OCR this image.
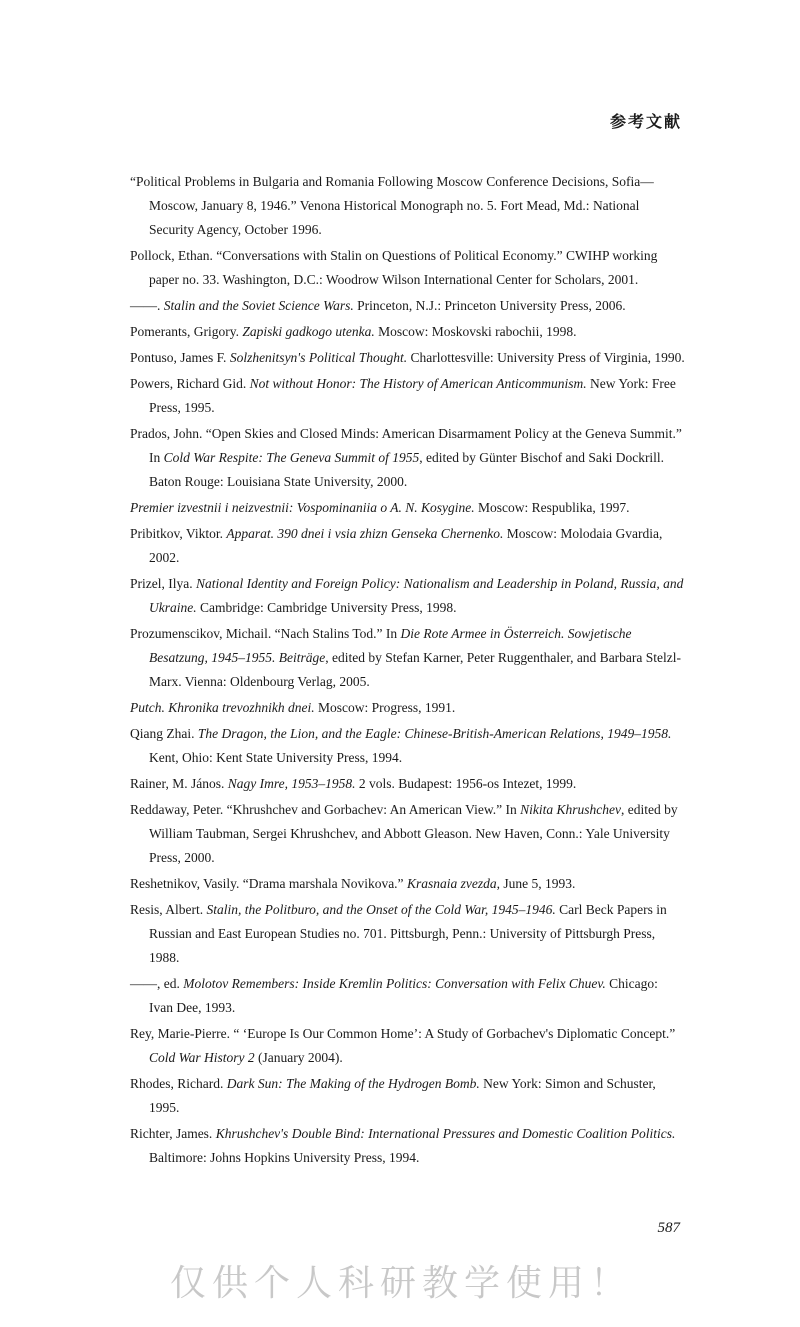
参考文献

“Political Problems in Bulgaria and Romania Following Moscow Conference Decisions, Sofia—Moscow, January 8, 1946.” Venona Historical Monograph no. 5. Fort Mead, Md.: National Security Agency, October 1996.

Pollock, Ethan. “Conversations with Stalin on Questions of Political Economy.” CWIHP working paper no. 33. Washington, D.C.: Woodrow Wilson International Center for Scholars, 2001.

——. Stalin and the Soviet Science Wars. Princeton, N.J.: Princeton University Press, 2006.

Pomerants, Grigory. Zapiski gadkogo utenka. Moscow: Moskovski rabochii, 1998.

Pontuso, James F. Solzhenitsyn's Political Thought. Charlottesville: University Press of Virginia, 1990.

Powers, Richard Gid. Not without Honor: The History of American Anticommunism. New York: Free Press, 1995.

Prados, John. “Open Skies and Closed Minds: American Disarmament Policy at the Geneva Summit.” In Cold War Respite: The Geneva Summit of 1955, edited by Günter Bischof and Saki Dockrill. Baton Rouge: Louisiana State University, 2000.

Premier izvestnii i neizvestnii: Vospominaniia o A. N. Kosygine. Moscow: Respublika, 1997.

Pribitkov, Viktor. Apparat. 390 dnei i vsia zhizn Genseka Chernenko. Moscow: Molodaia Gvardia, 2002.

Prizel, Ilya. National Identity and Foreign Policy: Nationalism and Leadership in Poland, Russia, and Ukraine. Cambridge: Cambridge University Press, 1998.

Prozumenscikov, Michail. “Nach Stalins Tod.” In Die Rote Armee in Österreich. Sowjetische Besatzung, 1945–1955. Beiträge, edited by Stefan Karner, Peter Ruggenthaler, and Barbara Stelzl-Marx. Vienna: Oldenbourg Verlag, 2005.

Putch. Khronika trevozhnikh dnei. Moscow: Progress, 1991.

Qiang Zhai. The Dragon, the Lion, and the Eagle: Chinese-British-American Relations, 1949–1958. Kent, Ohio: Kent State University Press, 1994.

Rainer, M. János. Nagy Imre, 1953–1958. 2 vols. Budapest: 1956-os Intezet, 1999.

Reddaway, Peter. “Khrushchev and Gorbachev: An American View.” In Nikita Khrushchev, edited by William Taubman, Sergei Khrushchev, and Abbott Gleason. New Haven, Conn.: Yale University Press, 2000.

Reshetnikov, Vasily. “Drama marshala Novikova.” Krasnaia zvezda, June 5, 1993.

Resis, Albert. Stalin, the Politburo, and the Onset of the Cold War, 1945–1946. Carl Beck Papers in Russian and East European Studies no. 701. Pittsburgh, Penn.: University of Pittsburgh Press, 1988.

——, ed. Molotov Remembers: Inside Kremlin Politics: Conversation with Felix Chuev. Chicago: Ivan Dee, 1993.

Rey, Marie-Pierre. “ ‘Europe Is Our Common Home’: A Study of Gorbachev's Diplomatic Concept.” Cold War History 2 (January 2004).

Rhodes, Richard. Dark Sun: The Making of the Hydrogen Bomb. New York: Simon and Schuster, 1995.

Richter, James. Khrushchev's Double Bind: International Pressures and Domestic Coalition Politics. Baltimore: Johns Hopkins University Press, 1994.

587
仅供个人科研教学使用！
